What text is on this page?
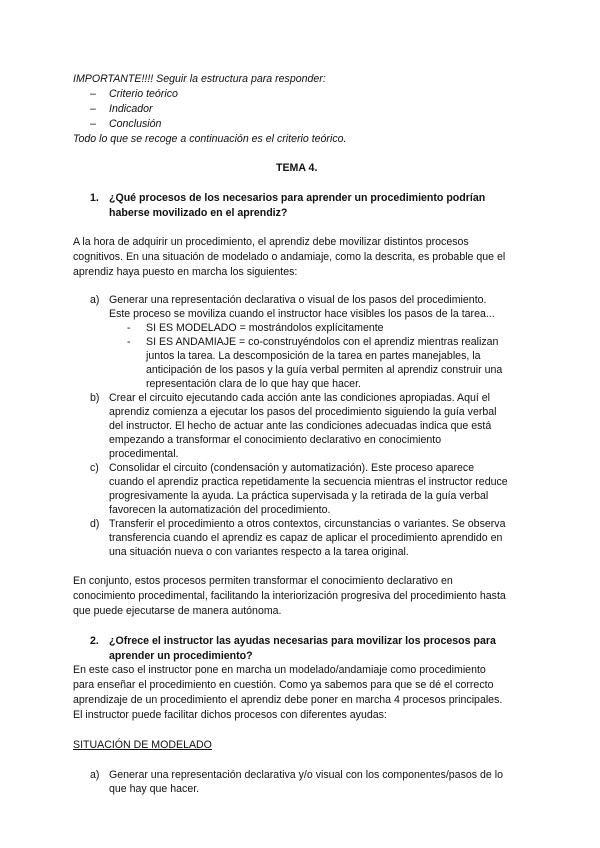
IMPORTANTE!!!! Seguir la estructura para responder:
– Criterio teórico
– Indicador
– Conclusión
Todo lo que se recoge a continuación es el criterio teórico.
TEMA 4.
1. ¿Qué procesos de los necesarios para aprender un procedimiento podrían
haberse movilizado en el aprendiz?
A la hora de adquirir un procedimiento, el aprendiz debe movilizar distintos procesos
cognitivos. En una situación de modelado o andamiaje, como la descrita, es probable que el
aprendiz haya puesto en marcha los siguientes:
a) Generar una representación declarativa o visual de los pasos del procedimiento.
Este proceso se moviliza cuando el instructor hace visibles los pasos de la tarea...
- SI ES MODELADO = mostrándolos explícitamente
- SI ES ANDAMIAJE = co-construyéndolos con el aprendiz mientras realizan
juntos la tarea. La descomposición de la tarea en partes manejables, la
anticipación de los pasos y la guía verbal permiten al aprendiz construir una
representación clara de lo que hay que hacer.
b) Crear el circuito ejecutando cada acción ante las condiciones apropiadas. Aquí el
aprendiz comienza a ejecutar los pasos del procedimiento siguiendo la guía verbal
del instructor. El hecho de actuar ante las condiciones adecuadas indica que está
empezando a transformar el conocimiento declarativo en conocimiento
procedimental.
c) Consolidar el circuito (condensación y automatización). Este proceso aparece
cuando el aprendiz practica repetidamente la secuencia mientras el instructor reduce
progresivamente la ayuda. La práctica supervisada y la retirada de la guía verbal
favorecen la automatización del procedimiento.
d) Transferir el procedimiento a otros contextos, circunstancias o variantes. Se observa
transferencia cuando el aprendiz es capaz de aplicar el procedimiento aprendido en
una situación nueva o con variantes respecto a la tarea original.
En conjunto, estos procesos permiten transformar el conocimiento declarativo en
conocimiento procedimental, facilitando la interiorización progresiva del procedimiento hasta
que puede ejecutarse de manera autónoma.
2. ¿Ofrece el instructor las ayudas necesarias para movilizar los procesos para
aprender un procedimiento?
En este caso el instructor pone en marcha un modelado/andamiaje como procedimiento
para enseñar el procedimiento en cuestión. Como ya sabemos para que se dé el correcto
aprendizaje de un procedimiento el aprendiz debe poner en marcha 4 procesos principales.
El instructor puede facilitar dichos procesos con diferentes ayudas:
SITUACIÓN DE MODELADO
a) Generar una representación declarativa y/o visual con los componentes/pasos de lo
que hay que hacer.
